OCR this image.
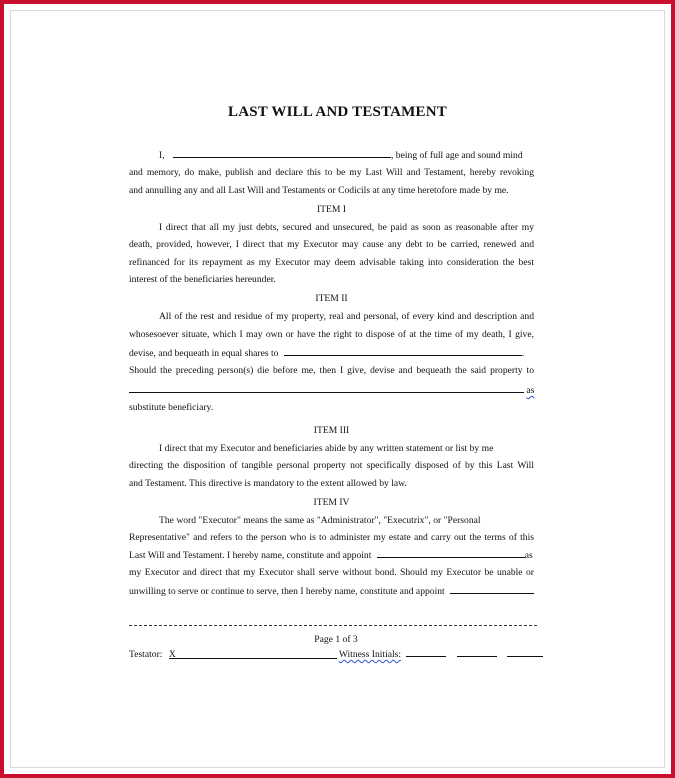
LAST WILL AND TESTAMENT
I,	, being of full age and sound mind
and memory, do make, publish and declare this to be my Last Will and Testament, hereby revoking
and annulling any and all Last Will and Testaments or Codicils at any time heretofore made by me.
ITEM I
I direct that all my just debts, secured and unsecured, be paid as soon as reasonable after my
death, provided, however, I direct that my Executor may cause any debt to be carried, renewed and
refinanced for its repayment as my Executor may deem advisable taking into consideration the best
interest of the beneficiaries hereunder.
ITEM II
All of the rest and residue of my property, real and personal, of every kind and description and
whosesoever situate, which I may own or have the right to dispose of at the time of my death, I give,
devise, and bequeath in equal shares to	.
Should the preceding person(s) die before me, then I give, devise and bequeath the said property to
as
substitute beneficiary.
ITEM III
I direct that my Executor and beneficiaries abide by any written statement or list by me
directing the disposition of tangible personal property not specifically disposed of by this Last Will
and Testament. This directive is mandatory to the extent allowed by law.
ITEM IV
The word "Executor" means the same as "Administrator", "Executrix", or "Personal
Representative" and refers to the person who is to administer my estate and carry out the terms of this
Last Will and Testament. I hereby name, constitute and appoint	as
my Executor and direct that my Executor shall serve without bond. Should my Executor be unable or
unwilling to serve or continue to serve, then I hereby name, constitute and appoint
Page 1 of 3
Testator: X	Witness Initials:
